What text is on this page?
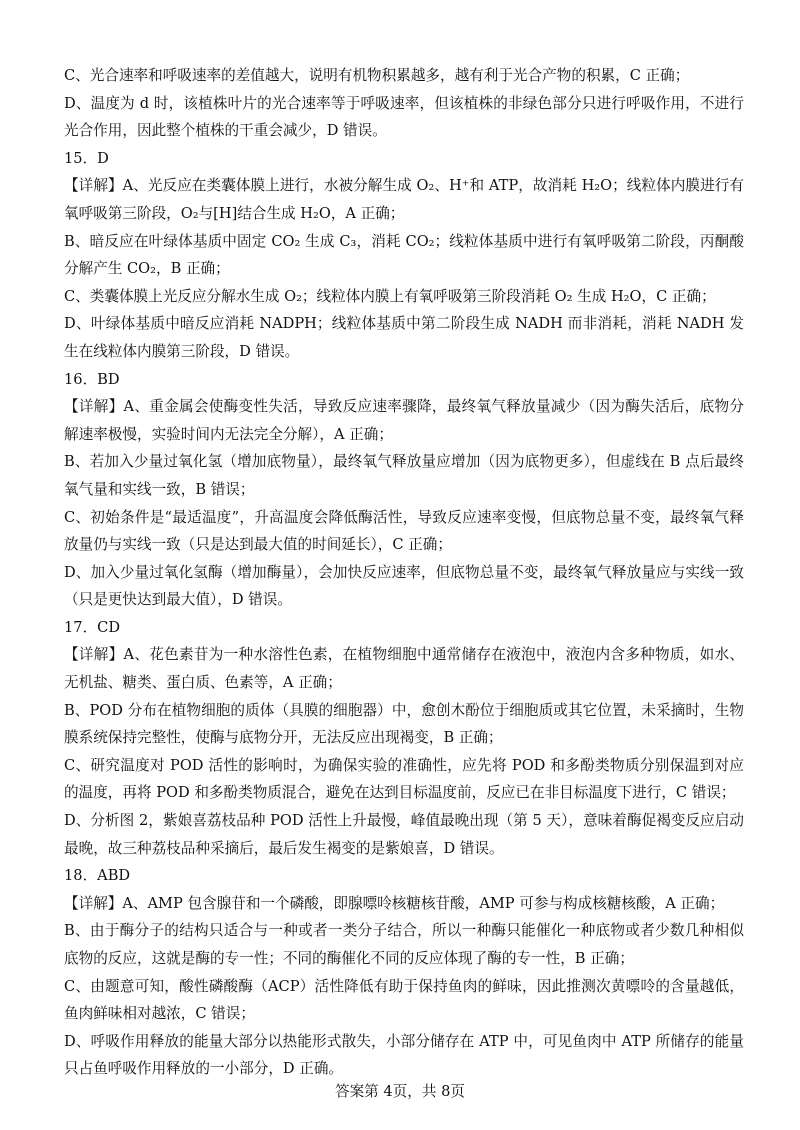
C、光合速率和呼吸速率的差值越大，说明有机物积累越多，越有利于光合产物的积累，C 正确；

D、温度为 d 时，该植株叶片的光合速率等于呼吸速率，但该植株的非绿色部分只进行呼吸作用，不进行光合作用，因此整个植株的干重会减少，D 错误。

15．D

【详解】A、光反应在类囊体膜上进行，水被分解生成 O₂、H⁺和 ATP，故消耗 H₂O；线粒体内膜进行有氧呼吸第三阶段，O₂与[H]结合生成 H₂O，A 正确；

B、暗反应在叶绿体基质中固定 CO₂ 生成 C₃，消耗 CO₂；线粒体基质中进行有氧呼吸第二阶段，丙酮酸分解产生 CO₂，B 正确；

C、类囊体膜上光反应分解水生成 O₂；线粒体内膜上有氧呼吸第三阶段消耗 O₂ 生成 H₂O，C 正确；

D、叶绿体基质中暗反应消耗 NADPH；线粒体基质中第二阶段生成 NADH 而非消耗，消耗 NADH 发生在线粒体内膜第三阶段，D 错误。

16．BD

【详解】A、重金属会使酶变性失活，导致反应速率骤降，最终氧气释放量减少（因为酶失活后，底物分解速率极慢，实验时间内无法完全分解），A 正确；

B、若加入少量过氧化氢（增加底物量），最终氧气释放量应增加（因为底物更多），但虚线在 B 点后最终氧气量和实线一致，B 错误；

C、初始条件是“最适温度”，升高温度会降低酶活性，导致反应速率变慢，但底物总量不变，最终氧气释放量仍与实线一致（只是达到最大值的时间延长），C 正确；

D、加入少量过氧化氢酶（增加酶量），会加快反应速率，但底物总量不变，最终氧气释放量应与实线一致（只是更快达到最大值），D 错误。

17．CD

【详解】A、花色素苷为一种水溶性色素，在植物细胞中通常储存在液泡中，液泡内含多种物质，如水、无机盐、糖类、蛋白质、色素等，A 正确；

B、POD 分布在植物细胞的质体（具膜的细胞器）中，愈创木酚位于细胞质或其它位置，未采摘时，生物膜系统保持完整性，使酶与底物分开，无法反应出现褐变，B 正确；

C、研究温度对 POD 活性的影响时，为确保实验的准确性，应先将 POD 和多酚类物质分别保温到对应的温度，再将 POD 和多酚类物质混合，避免在达到目标温度前，反应已在非目标温度下进行，C 错误；

D、分析图 2，紫娘喜荔枝品种 POD 活性上升最慢，峰值最晚出现（第 5 天），意味着酶促褐变反应启动最晚，故三种荔枝品种采摘后，最后发生褐变的是紫娘喜，D 错误。

18．ABD

【详解】A、AMP 包含腺苷和一个磷酸，即腺嘌呤核糖核苷酸，AMP 可参与构成核糖核酸，A 正确；

B、由于酶分子的结构只适合与一种或者一类分子结合，所以一种酶只能催化一种底物或者少数几种相似底物的反应，这就是酶的专一性；不同的酶催化不同的反应体现了酶的专一性，B 正确；

C、由题意可知，酸性磷酸酶（ACP）活性降低有助于保持鱼肉的鲜味，因此推测次黄嘌呤的含量越低，鱼肉鲜味相对越浓，C 错误；

D、呼吸作用释放的能量大部分以热能形式散失，小部分储存在 ATP 中，可见鱼肉中 ATP 所储存的能量只占鱼呼吸作用释放的一小部分，D 正确。

答案第 4页，共 8页
